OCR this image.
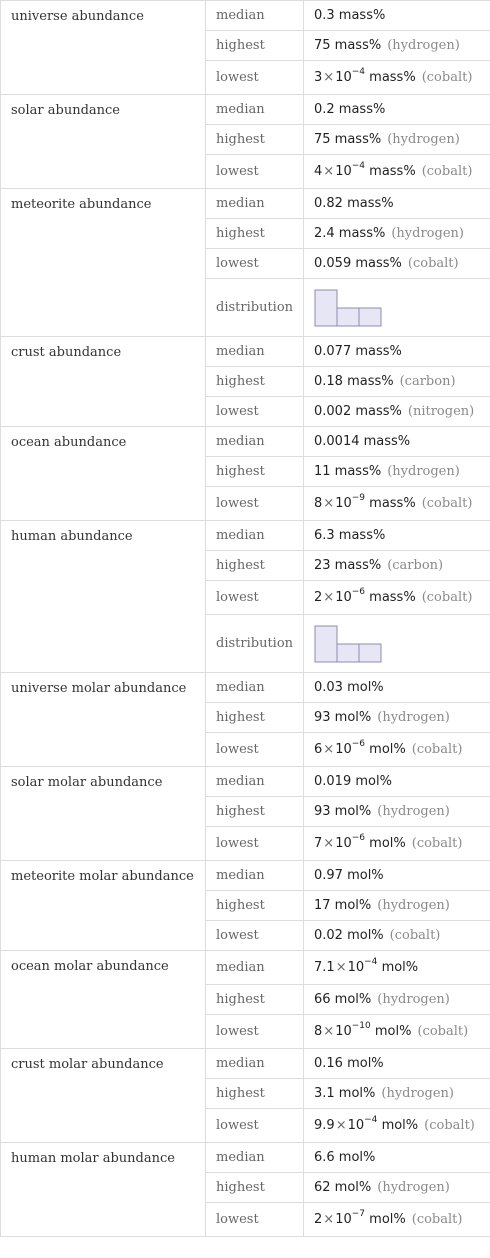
universe abundance	median	0.3 mass%
	highest	75 mass% (hydrogen)
	lowest	$3\times 10^{-4}$ mass% (cobalt)
solar abundance	median	0.2 mass%
	highest	75 mass% (hydrogen)
	lowest	$4\times 10^{-4}$ mass% (cobalt)
meteorite abundance	median	0.82 mass%
	highest	2.4 mass% (hydrogen)
	lowest	0.059 mass% (cobalt)
	distribution	

crust abundance	median	0.077 mass%
	highest	0.18 mass% (carbon)
	lowest	0.002 mass% (nitrogen)
ocean abundance	median	0.0014 mass%
	highest	11 mass% (hydrogen)
	lowest	$8\times 10^{-9}$ mass% (cobalt)
human abundance	median	6.3 mass%
	highest	23 mass% (carbon)
	lowest	$2\times 10^{-6}$ mass% (cobalt)
	distribution	

universe molar abundance	median	0.03 mol%
	highest	93 mol% (hydrogen)
	lowest	$6\times 10^{-6}$ mol% (cobalt)
solar molar abundance	median	0.019 mol%
	highest	93 mol% (hydrogen)
	lowest	$7\times 10^{-6}$ mol% (cobalt)
meteorite molar abundance	median	0.97 mol%
	highest	17 mol% (hydrogen)
	lowest	0.02 mol% (cobalt)
ocean molar abundance	median	$7.1\times 10^{-4}$ mol%
	highest	66 mol% (hydrogen)
	lowest	$8\times 10^{-10}$ mol% (cobalt)
crust molar abundance	median	0.16 mol%
	highest	3.1 mol% (hydrogen)
	lowest	$9.9\times 10^{-4}$ mol% (cobalt)
human molar abundance	median	6.6 mol%
	highest	62 mol% (hydrogen)
	lowest	$2\times 10^{-7}$ mol% (cobalt)
